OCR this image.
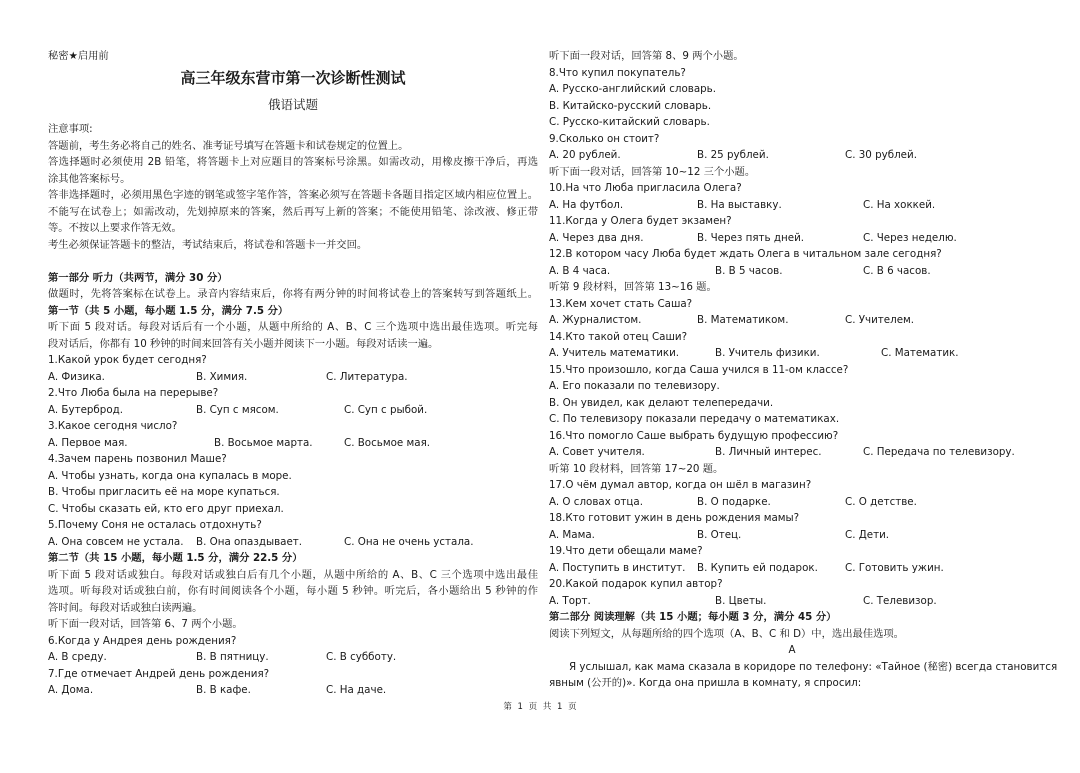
秘密★启用前
高三年级东营市第一次诊断性测试
俄语试题
注意事项:
答题前，考生务必将自己的姓名、准考证号填写在答题卡和试卷规定的位置上。
答选择题时必须使用 2B 铅笔，将答题卡上对应题目的答案标号涂黑。如需改动，用橡皮擦干净后，再选
涂其他答案标号。
答非选择题时，必须用黑色字迹的钢笔或签字笔作答，答案必须写在答题卡各题目指定区域内相应位置上。
不能写在试卷上；如需改动，先划掉原来的答案，然后再写上新的答案；不能使用铅笔、涂改液、修正带
等。不按以上要求作答无效。
考生必须保证答题卡的整洁，考试结束后，将试卷和答题卡一并交回。
第一部分 听力（共两节，满分 30 分）
做题时，先将答案标在试卷上。录音内容结束后，你将有两分钟的时间将试卷上的答案转写到答题纸上。
第一节（共 5 小题，每小题 1.5 分，满分 7.5 分）
听下面 5 段对话。每段对话后有一个小题，从题中所给的 A、B、C 三个选项中选出最佳选项。听完每
段对话后，你都有 10 秒钟的时间来回答有关小题并阅读下一小题。每段对话读一遍。
1.Какой урок будет сегодня?
A. Физика.	B. Химия.	C. Литература.
2.Что Люба была на перерыве?
A. Бутерброд.	B. Суп с мясом.	C. Суп с рыбой.
3.Какое сегодня число?
A. Первое мая.	B. Восьмое марта.	C. Восьмое мая.
4.Зачем парень позвонил Маше?
A. Чтобы узнать, когда она купалась в море.
B. Чтобы пригласить её на море купаться.
C. Чтобы сказать ей, кто его друг приехал.
5.Почему Соня не осталась отдохнуть?
A. Она совсем не устала. B. Она опаздывает.	C. Она не очень устала.
第二节（共 15 小题，每小题 1.5 分，满分 22.5 分）
听下面 5 段对话或独白。每段对话或独白后有几个小题，从题中所给的 A、B、C 三个选项中选出最佳
选项。听每段对话或独白前，你有时间阅读各个小题，每小题 5 秒钟。听完后，各小题给出 5 秒钟的作
答时间。每段对话或独白读两遍。
听下面一段对话，回答第 6、7 两个小题。
6.Когда у Андрея день рождения?
A. В среду.	B. В пятницу.	C. В субботу.
7.Где отмечает Андрей день рождения?
A. Дома.	B. В кафе.	C. На даче.
听下面一段对话，回答第 8、9 两个小题。
8.Что купил покупатель?
A. Русско-английский словарь.
B. Китайско-русский словарь.
C. Русско-китайский словарь.
9.Сколько он стоит?
A. 20 рублей.	B. 25 рублей.	C. 30 рублей.
听下面一段对话，回答第 10~12 三个小题。
10.На что Люба пригласила Олега?
A. На футбол.	B. На выставку.	C. На хоккей.
11.Когда у Олега будет экзамен?
A. Через два дня.	B. Через пять дней.	C. Через неделю.
12.В котором часу Люба будет ждать Олега в читальном зале сегодня?
A. В 4 часа.	B. В 5 часов.	C. В 6 часов.
听第 9 段材料，回答第 13~16 题。
13.Кем хочет стать Саша?
A. Журналистом.	B. Математиком.	C. Учителем.
14.Кто такой отец Саши?
A. Учитель математики.	B. Учитель физики.	C. Математик.
15.Что произошло, когда Саша учился в 11-ом классе?
A. Его показали по телевизору.
B. Он увидел, как делают телепередачи.
C. По телевизору показали передачу о математиках.
16.Что помогло Саше выбрать будущую профессию?
A. Совет учителя.	B. Личный интерес.	C. Передача по телевизору.
听第 10 段材料，回答第 17~20 题。
17.О чём думал автор, когда он шёл в магазин?
A. О словах отца.	B. О подарке.	C. О детстве.
18.Кто готовит ужин в день рождения мамы?
A. Мама.	B. Отец.	C. Дети.
19.Что дети обещали маме?
A. Поступить в институт. B. Купить ей подарок.	C. Готовить ужин.
20.Какой подарок купил автор?
A. Торт.	B. Цветы.	C. Телевизор.
第二部分 阅读理解（共 15 小题；每小题 3 分，满分 45 分）
阅读下列短文，从每题所给的四个选项（A、B、C 和 D）中，选出最佳选项。
A
Я услышал, как мама сказала в коридоре по телефону: «Тайное (秘密) всегда становится
явным (公开的)». Когда она пришла в комнату, я спросил:
第 1 页 共 1 页
